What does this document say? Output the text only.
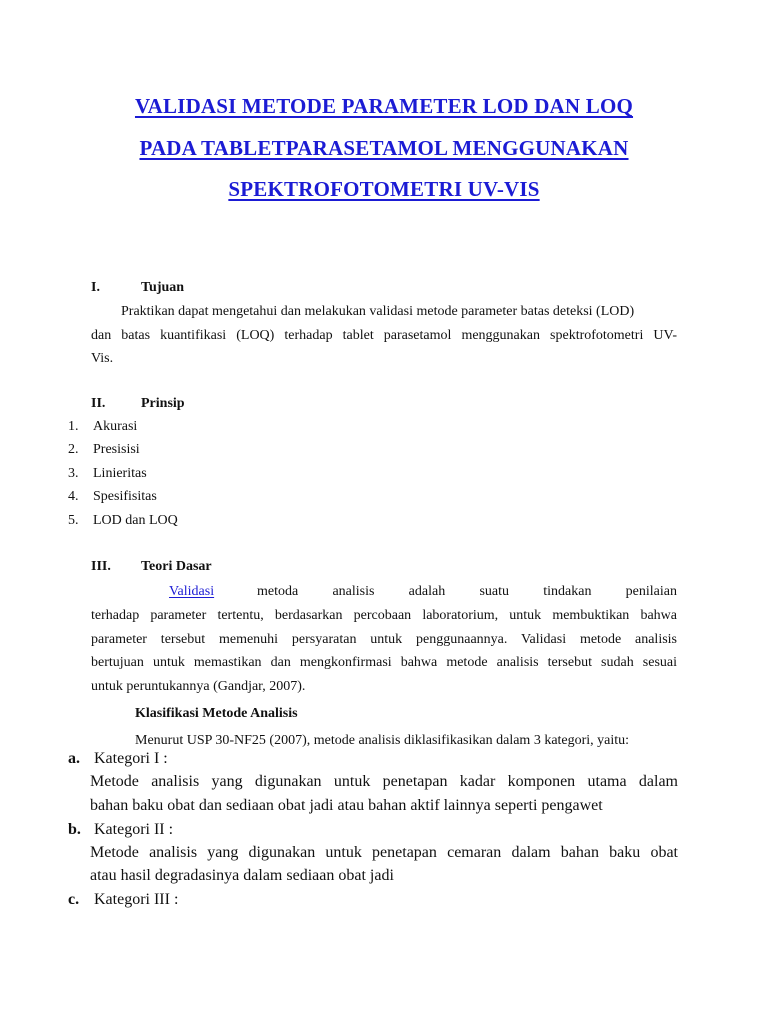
VALIDASI METODE PARAMETER LOD DAN LOQ
PADA TABLETPARASETAMOL MENGGUNAKAN
SPEKTROFOTOMETRI UV-VIS
I.	Tujuan
Praktikan dapat mengetahui dan melakukan validasi metode parameter batas deteksi (LOD)
dan batas kuantifikasi (LOQ) terhadap tablet parasetamol menggunakan spektrofotometri UV-
Vis.
II.	Prinsip
1. Akurasi
2. Presisisi
3. Linieritas
4. Spesifisitas
5. LOD dan LOQ
III. Teori Dasar
Validasi	metoda analisis adalah suatu tindakan penilaian
terhadap parameter tertentu, berdasarkan percobaan laboratorium, untuk membuktikan bahwa
parameter tersebut memenuhi persyaratan untuk penggunaannya. Validasi metode analisis
bertujuan untuk memastikan dan mengkonfirmasi bahwa metode analisis tersebut sudah sesuai
untuk peruntukannya (Gandjar, 2007).
Klasifikasi Metode Analisis
Menurut USP 30-NF25 (2007), metode analisis diklasifikasikan dalam 3 kategori, yaitu:
a. Kategori I :
Metode analisis yang digunakan untuk penetapan kadar komponen utama dalam
bahan baku obat dan sediaan obat jadi atau bahan aktif lainnya seperti pengawet
b. Kategori II :
Metode analisis yang digunakan untuk penetapan cemaran dalam bahan baku obat
atau hasil degradasinya dalam sediaan obat jadi
c. Kategori III :
